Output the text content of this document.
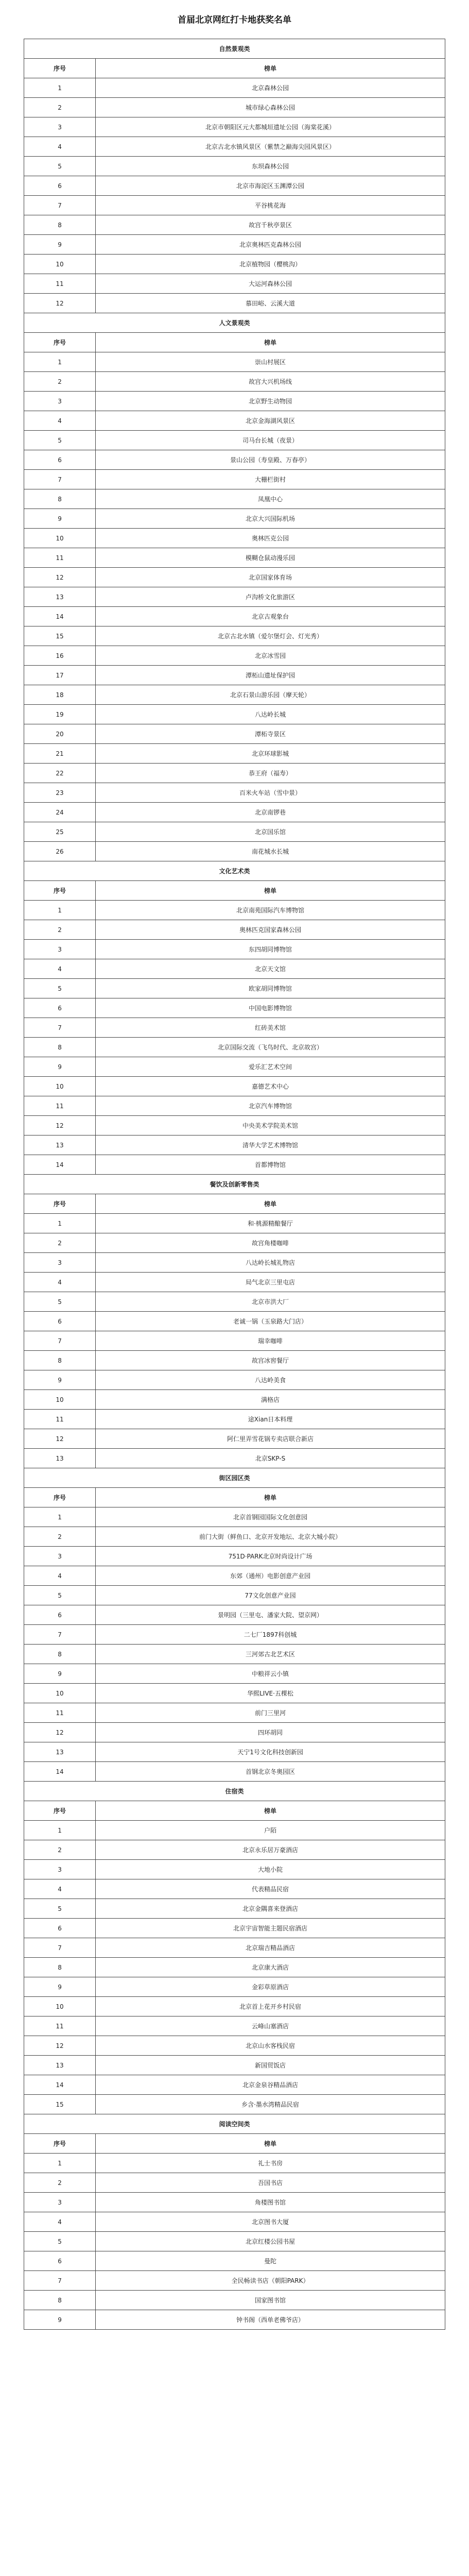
首届北京网红打卡地获奖名单
自然景观类	
序号	榜单
1	北京森林公园
2	城市绿心森林公园
3	北京市朝阳区元大都城垣遗址公园（海棠花溪）
4	北京古北水镇风景区（紫禁之巅海尖园风景区）
5	东坝森林公园
6	北京市海淀区玉渊潭公园
7	平谷桃花海
8	故宫千秋亭景区
9	北京奥林匹克森林公园
10	北京植物园（樱桃沟）
11	大运河森林公园
12	慕田峪、云溪大道
人文景观类	
序号	榜单
1	崇山村展区
2	故宫大兴机场线
3	北京野生动物园
4	北京金海湖风景区
5	司马台长城（夜景）
6	景山公园（寿皇殿、万春亭）
7	大栅栏街村
8	凤凰中心
9	北京大兴国际机场
10	奥林匹克公园
11	模糊仓鼠动漫乐园
12	北京国家体育场
13	卢沟桥文化旅游区
14	北京古观象台
15	北京古北水镇（爱尔堡灯会、灯光秀）
16	北京冰雪园
17	潭柘山遗址保护园
18	北京石景山游乐园（摩天轮）
19	八达岭长城
20	潭柘寺景区
21	北京环球影城
22	恭王府（福寿）
23	百米火车站（雪中景）
24	北京南锣巷
25	北京国乐馆
26	南花城水长城
文化艺术类	
序号	榜单
1	北京南苑国际汽车博物馆
2	奥林匹克国家森林公园
3	东四胡同博物馆
4	北京天文馆
5	欧家胡同博物馆
6	中国电影博物馆
7	红砖美术馆
8	北京国际交流（飞鸟时代、北京故宫）
9	爱乐汇艺术空间
10	嘉德艺术中心
11	北京汽车博物馆
12	中央美术学院美术馆
13	清华大学艺术博物馆
14	首都博物馆
餐饮及创新零售类	
序号	榜单
1	和·桃源精酿餐厅
2	故宫角楼咖啡
3	八达岭长城礼物店
4	局气北京三里屯店
5	北京市洪大厂
6	老诚一锅（玉泉路大门店）
7	瑞幸咖啡
8	故宫冰窖餐厅
9	八达岭美食
10	满格店
11	途Xian日本料理
12	阿仁里弄雪花锅专卖店联合新店
13	北京SKP-S
街区园区类	
序号	榜单
1	北京首钢园国际文化创意园
2	前门大街（鲜鱼口、北京开发地坛、北京大城小院）
3	751D·PARK北京时尚设计广场
4	东郊（通州）电影创意产业园
5	77文化创意产业园
6	景明园（三里屯、潘家大院、望京网）
7	二七厂1897科创城
8	三河郊古北艺术区
9	中粮祥云小镇
10	华熙LIVE·五棵松
11	前门三里河
12	四环胡同
13	天宁1号文化科技创新园
14	首钢北京冬奥园区
住宿类	
序号	榜单
1	户陌
2	北京永乐居万豪酒店
3	大地小院
4	代表精品民宿
5	北京金隅喜来登酒店
6	北京宇宙智能主题民宿酒店
7	北京瑞吉精品酒店
8	北京康大酒店
9	金彩草原酒店
10	北京首上花开乡村民宿
11	云峰山塞酒店
12	北京山水客栈民宿
13	新国贸饭店
14	北京金泉谷精品酒店
15	乡含·墨水湾精品民宿
阅读空间类	
序号	榜单
1	礼士书房
2	吾国书店
3	角楼图书馆
4	北京图书大厦
5	北京红楼公园书屋
6	曼陀
7	全民畅读书店（朝阳PARK）
8	国家图书馆
9	钟书阁（西单老佛爷店）
